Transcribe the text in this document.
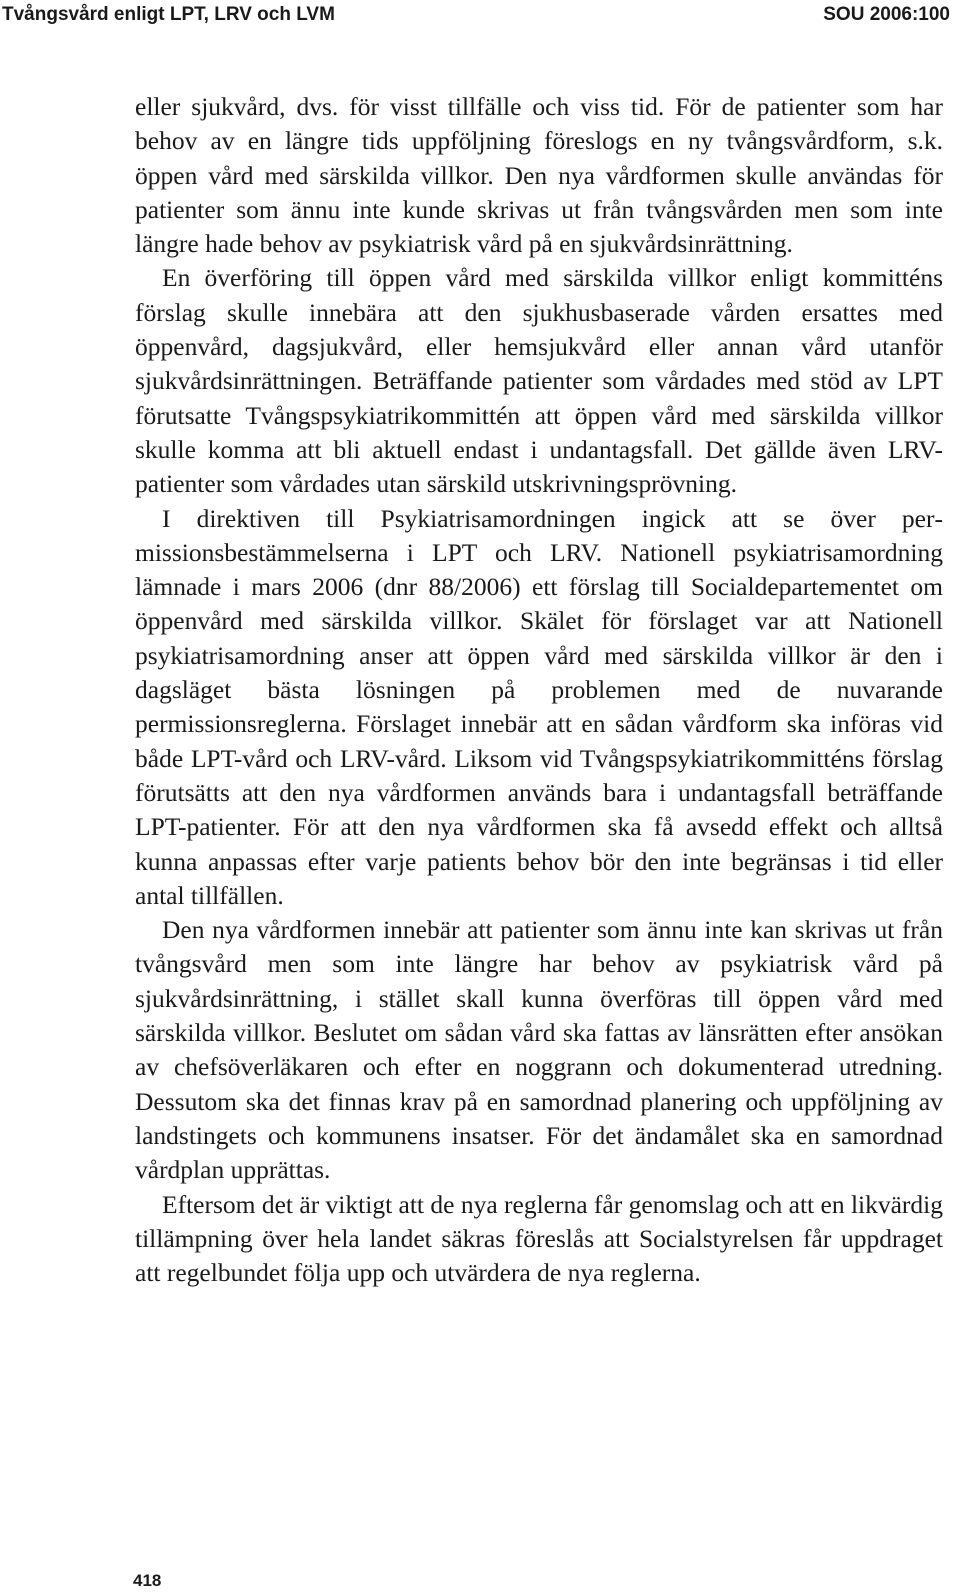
Tvångsvård enligt LPT, LRV och LVM	SOU 2006:100

eller sjukvård, dvs. för visst tillfälle och viss tid. För de patienter som har behov av en längre tids uppföljning föreslogs en ny tvångsvårdform, s.k. öppen vård med särskilda villkor. Den nya vårdformen skulle användas för patienter som ännu inte kunde skrivas ut från tvångsvården men som inte längre hade behov av psykiatrisk vård på en sjukvårdsinrättning.

En överföring till öppen vård med särskilda villkor enligt kommitténs förslag skulle innebära att den sjukhusbaserade vården ersattes med öppenvård, dagsjukvård, eller hemsjukvård eller annan vård utanför sjukvårdsinrättningen. Beträffande patienter som vårdades med stöd av LPT förutsatte Tvångspsykiatrikommittén att öppen vård med särskilda villkor skulle komma att bli aktuell endast i undantagsfall. Det gällde även LRV-patienter som vårdades utan särskild utskrivningsprövning.

I direktiven till Psykiatrisamordningen ingick att se över permissionsbestämmelserna i LPT och LRV. Nationell psykiatrisamordning lämnade i mars 2006 (dnr 88/2006) ett förslag till Socialdepartementet om öppenvård med särskilda villkor. Skälet för förslaget var att Nationell psykiatrisamordning anser att öppen vård med särskilda villkor är den i dagsläget bästa lösningen på problemen med de nuvarande permissionsreglerna. Förslaget innebär att en sådan vårdform ska införas vid både LPT-vård och LRV-vård. Liksom vid Tvångspsykiatrikommitténs förslag förutsätts att den nya vårdformen används bara i undantagsfall beträffande LPT-patienter. För att den nya vårdformen ska få avsedd effekt och alltså kunna anpassas efter varje patients behov bör den inte begränsas i tid eller antal tillfällen.

Den nya vårdformen innebär att patienter som ännu inte kan skrivas ut från tvångsvård men som inte längre har behov av psykiatrisk vård på sjukvårdsinrättning, i stället skall kunna överföras till öppen vård med särskilda villkor. Beslutet om sådan vård ska fattas av länsrätten efter ansökan av chefsöverläkaren och efter en noggrann och dokumenterad utredning. Dessutom ska det finnas krav på en samordnad planering och uppföljning av landstingets och kommunens insatser. För det ändamålet ska en samordnad vårdplan upprättas.

Eftersom det är viktigt att de nya reglerna får genomslag och att en likvärdig tillämpning över hela landet säkras föreslås att Socialstyrelsen får uppdraget att regelbundet följa upp och utvärdera de nya reglerna.

418
